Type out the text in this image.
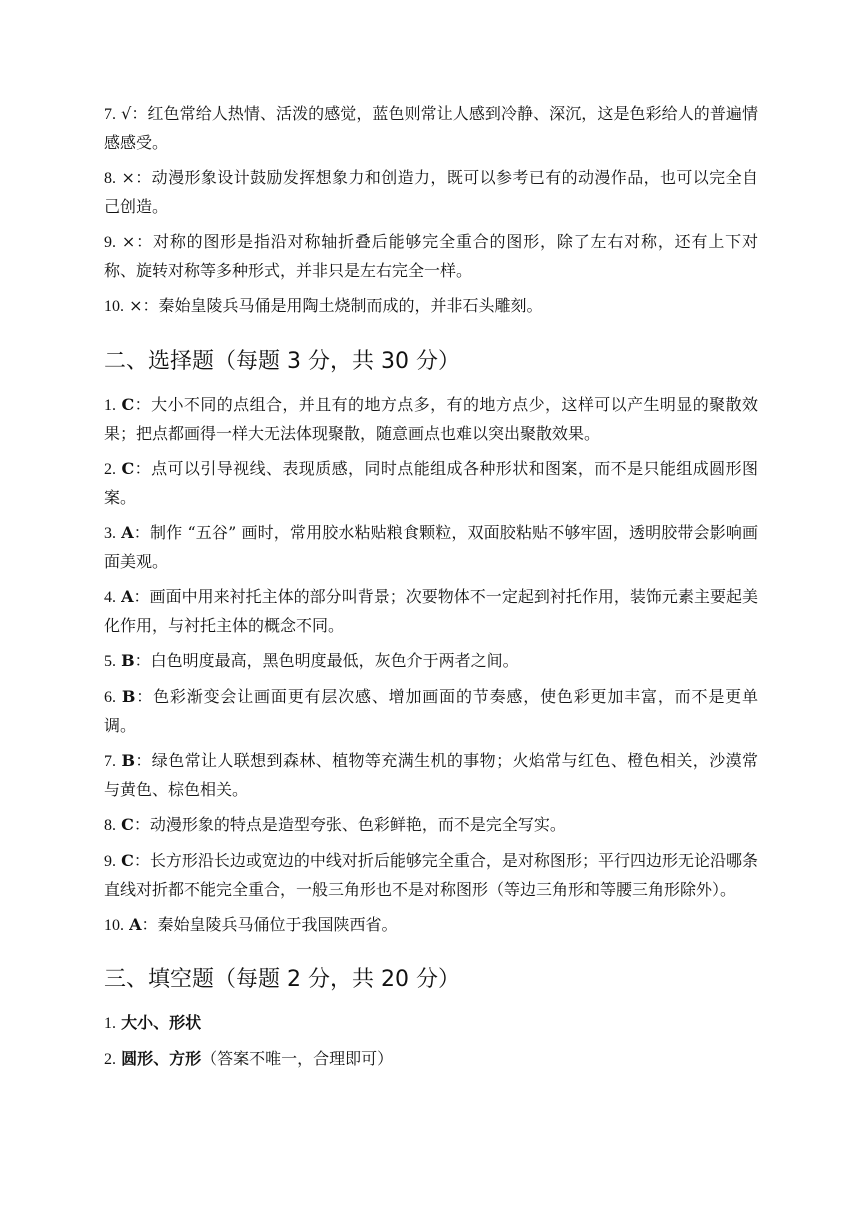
7. √：红色常给人热情、活泼的感觉，蓝色则常让人感到冷静、深沉，这是色彩给人的普遍情感感受。

8. ×：动漫形象设计鼓励发挥想象力和创造力，既可以参考已有的动漫作品，也可以完全自己创造。

9. ×：对称的图形是指沿对称轴折叠后能够完全重合的图形，除了左右对称，还有上下对称、旋转对称等多种形式，并非只是左右完全一样。

10. ×：秦始皇陵兵马俑是用陶土烧制而成的，并非石头雕刻。

二、选择题（每题 3 分，共 30 分）

1. C：大小不同的点组合，并且有的地方点多，有的地方点少，这样可以产生明显的聚散效果；把点都画得一样大无法体现聚散，随意画点也难以突出聚散效果。

2. C：点可以引导视线、表现质感，同时点能组成各种形状和图案，而不是只能组成圆形图案。

3. A：制作 “五谷” 画时，常用胶水粘贴粮食颗粒，双面胶粘贴不够牢固，透明胶带会影响画面美观。

4. A：画面中用来衬托主体的部分叫背景；次要物体不一定起到衬托作用，装饰元素主要起美化作用，与衬托主体的概念不同。

5. B：白色明度最高，黑色明度最低，灰色介于两者之间。

6. B：色彩渐变会让画面更有层次感、增加画面的节奏感，使色彩更加丰富，而不是更单调。

7. B：绿色常让人联想到森林、植物等充满生机的事物；火焰常与红色、橙色相关，沙漠常与黄色、棕色相关。

8. C：动漫形象的特点是造型夸张、色彩鲜艳，而不是完全写实。

9. C：长方形沿长边或宽边的中线对折后能够完全重合，是对称图形；平行四边形无论沿哪条直线对折都不能完全重合，一般三角形也不是对称图形（等边三角形和等腰三角形除外）。

10. A：秦始皇陵兵马俑位于我国陕西省。

三、填空题（每题 2 分，共 20 分）

1. 大小、形状

2. 圆形、方形（答案不唯一，合理即可）
